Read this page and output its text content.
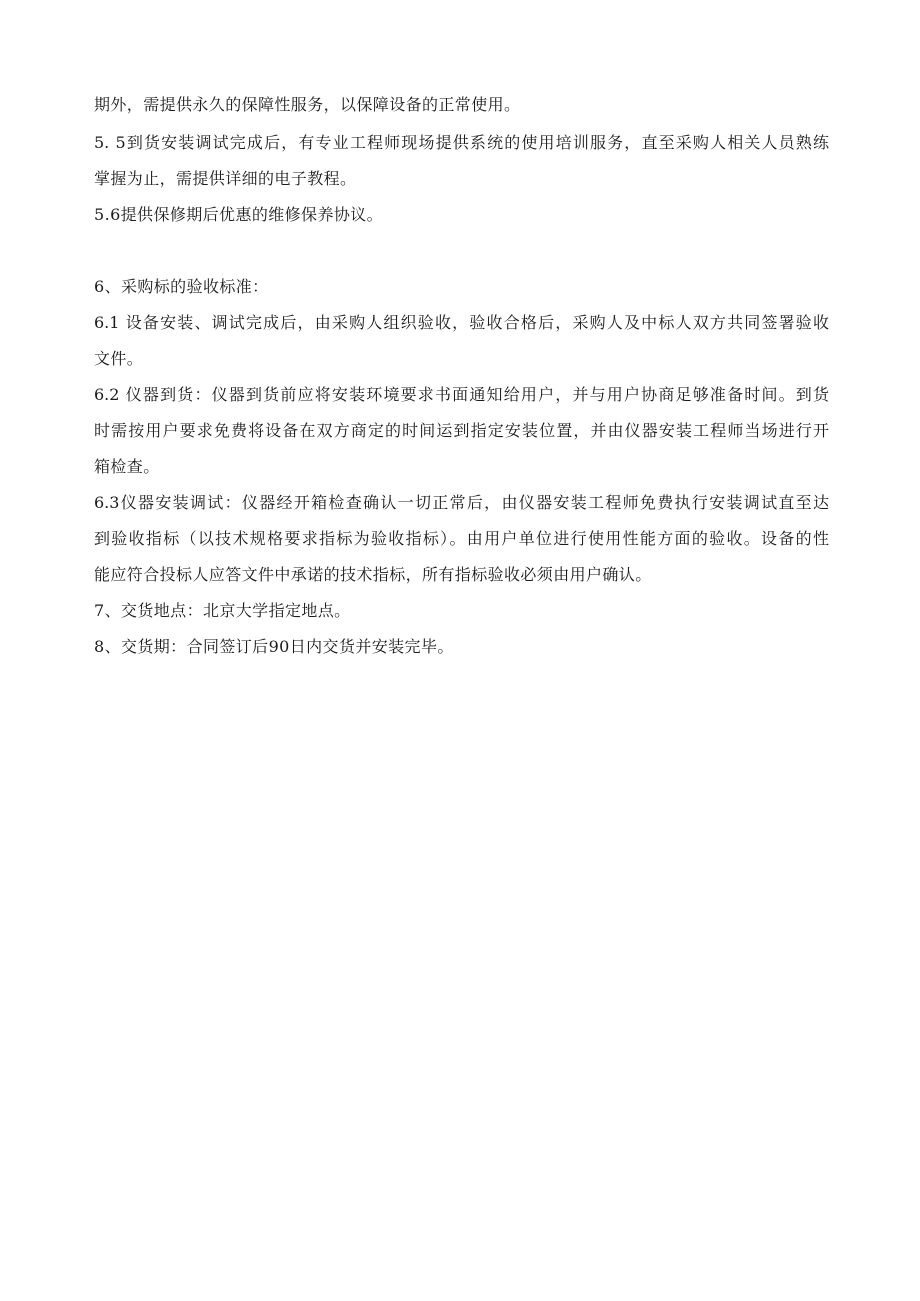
期外，需提供永久的保障性服务，以保障设备的正常使用。
5. 5到货安装调试完成后，有专业工程师现场提供系统的使用培训服务，直至采购人相关人员熟练
掌握为止，需提供详细的电子教程。
5.6提供保修期后优惠的维修保养协议。
6、采购标的验收标准：
6.1 设备安装、调试完成后，由采购人组织验收，验收合格后，采购人及中标人双方共同签署验收
文件。
6.2 仪器到货：仪器到货前应将安装环境要求书面通知给用户，并与用户协商足够准备时间。到货
时需按用户要求免费将设备在双方商定的时间运到指定安装位置，并由仪器安装工程师当场进行开
箱检查。
6.3仪器安装调试：仪器经开箱检查确认一切正常后，由仪器安装工程师免费执行安装调试直至达
到验收指标（以技术规格要求指标为验收指标）。由用户单位进行使用性能方面的验收。设备的性
能应符合投标人应答文件中承诺的技术指标，所有指标验收必须由用户确认。
7、交货地点：北京大学指定地点。
8、交货期：合同签订后90日内交货并安装完毕。
